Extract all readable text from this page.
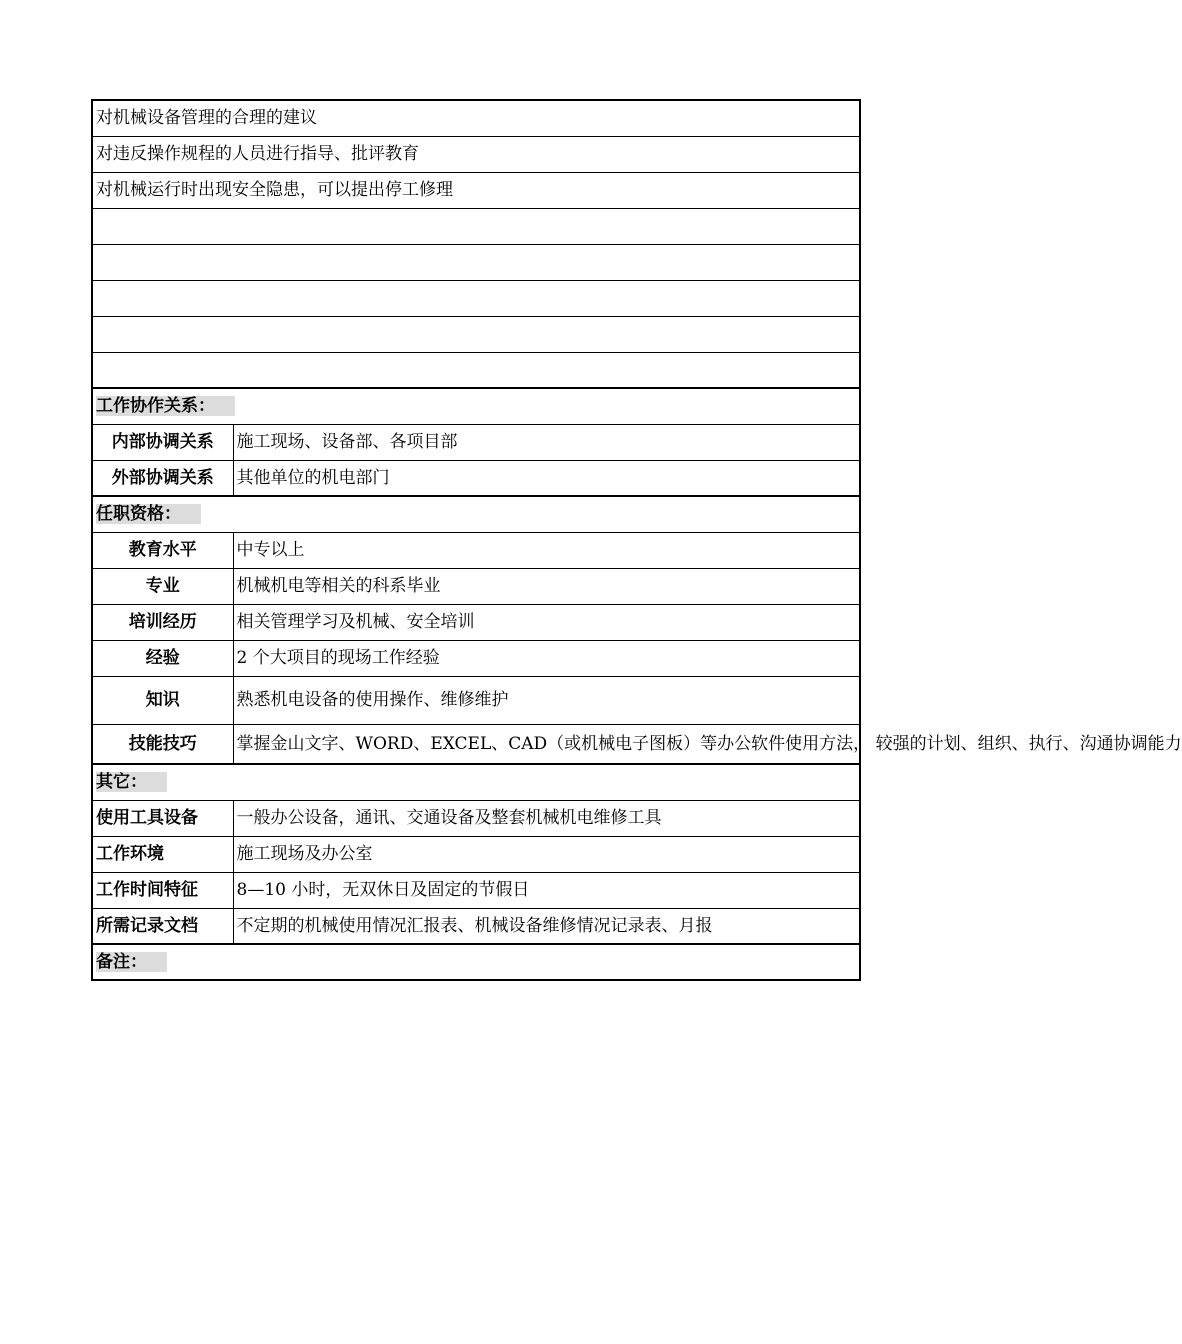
对机械设备管理的合理的建议	
对违反操作规程的人员进行指导、批评教育	
对机械运行时出现安全隐患，可以提出停工修理	

工作协作关系：	
内部协调关系	施工现场、设备部、各项目部
外部协调关系	其他单位的机电部门
任职资格：	
教育水平	中专以上
专业	机械机电等相关的科系毕业
培训经历	相关管理学习及机械、安全培训
经验	2 个大项目的现场工作经验
知识	熟悉机电设备的使用操作、维修维护
技能技巧	掌握金山文字、WORD、EXCEL、CAD（或机械电子图板）等办公软件使用方法， 较强的计划、组织、执行、沟通协调能力
其它：	
使用工具设备	一般办公设备，通讯、交通设备及整套机械机电维修工具
工作环境	施工现场及办公室
工作时间特征	8—10 小时，无双休日及固定的节假日
所需记录文档	不定期的机械使用情况汇报表、机械设备维修情况记录表、月报
备注：	
